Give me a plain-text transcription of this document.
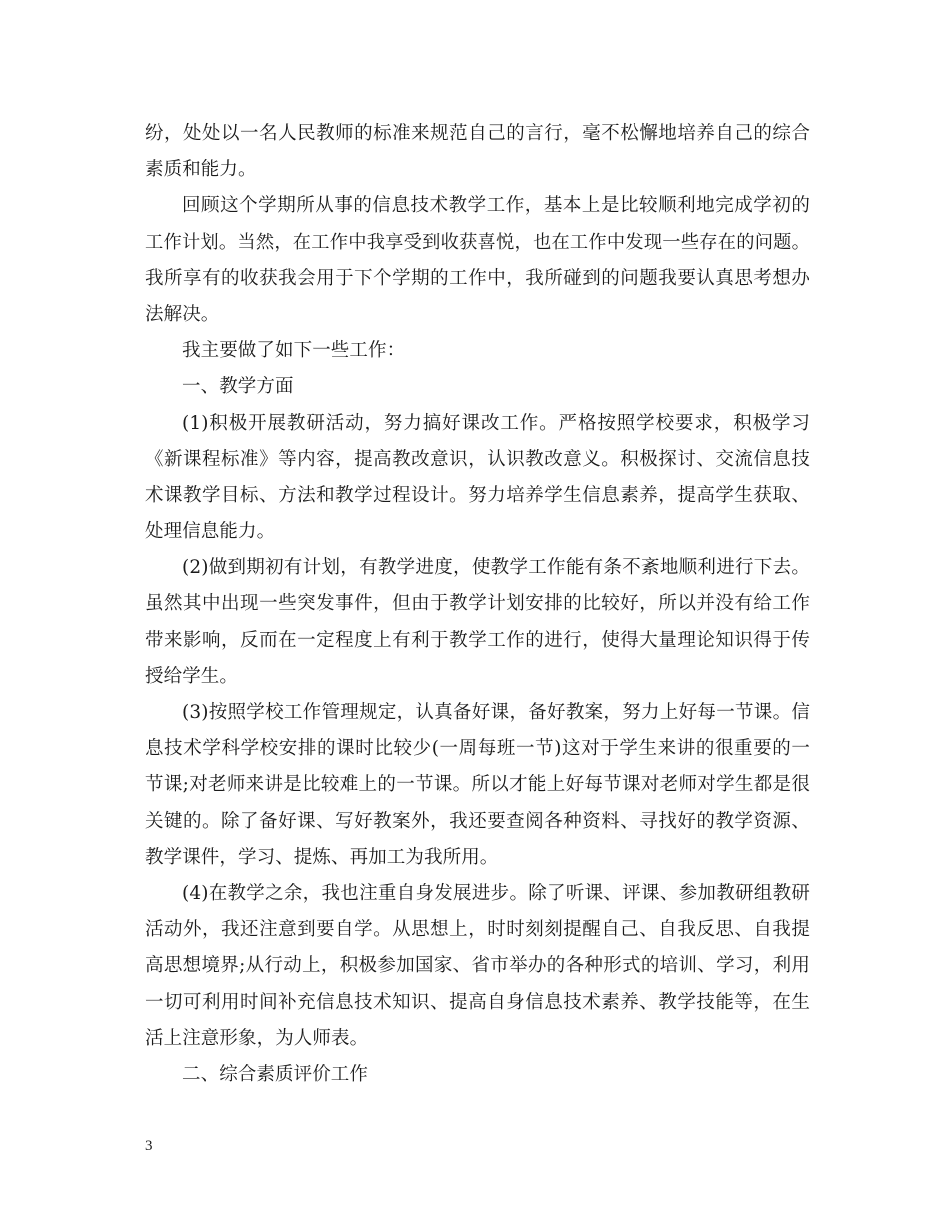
纷，处处以一名人民教师的标准来规范自己的言行，毫不松懈地培养自己的综合
素质和能力。
回顾这个学期所从事的信息技术教学工作，基本上是比较顺利地完成学初的
工作计划。当然，在工作中我享受到收获喜悦，也在工作中发现一些存在的问题。
我所享有的收获我会用于下个学期的工作中，我所碰到的问题我要认真思考想办
法解决。
我主要做了如下一些工作：
一、教学方面
(1)积极开展教研活动，努力搞好课改工作。严格按照学校要求，积极学习
《新课程标准》等内容，提高教改意识，认识教改意义。积极探讨、交流信息技
术课教学目标、方法和教学过程设计。努力培养学生信息素养，提高学生获取、
处理信息能力。
(2)做到期初有计划，有教学进度，使教学工作能有条不紊地顺利进行下去。
虽然其中出现一些突发事件，但由于教学计划安排的比较好，所以并没有给工作
带来影响，反而在一定程度上有利于教学工作的进行，使得大量理论知识得于传
授给学生。
(3)按照学校工作管理规定，认真备好课，备好教案，努力上好每一节课。信
息技术学科学校安排的课时比较少(一周每班一节)这对于学生来讲的很重要的一
节课;对老师来讲是比较难上的一节课。所以才能上好每节课对老师对学生都是很
关键的。除了备好课、写好教案外，我还要查阅各种资料、寻找好的教学资源、
教学课件，学习、提炼、再加工为我所用。
(4)在教学之余，我也注重自身发展进步。除了听课、评课、参加教研组教研
活动外，我还注意到要自学。从思想上，时时刻刻提醒自己、自我反思、自我提
高思想境界;从行动上，积极参加国家、省市举办的各种形式的培训、学习，利用
一切可利用时间补充信息技术知识、提高自身信息技术素养、教学技能等，在生
活上注意形象，为人师表。
二、综合素质评价工作
3
